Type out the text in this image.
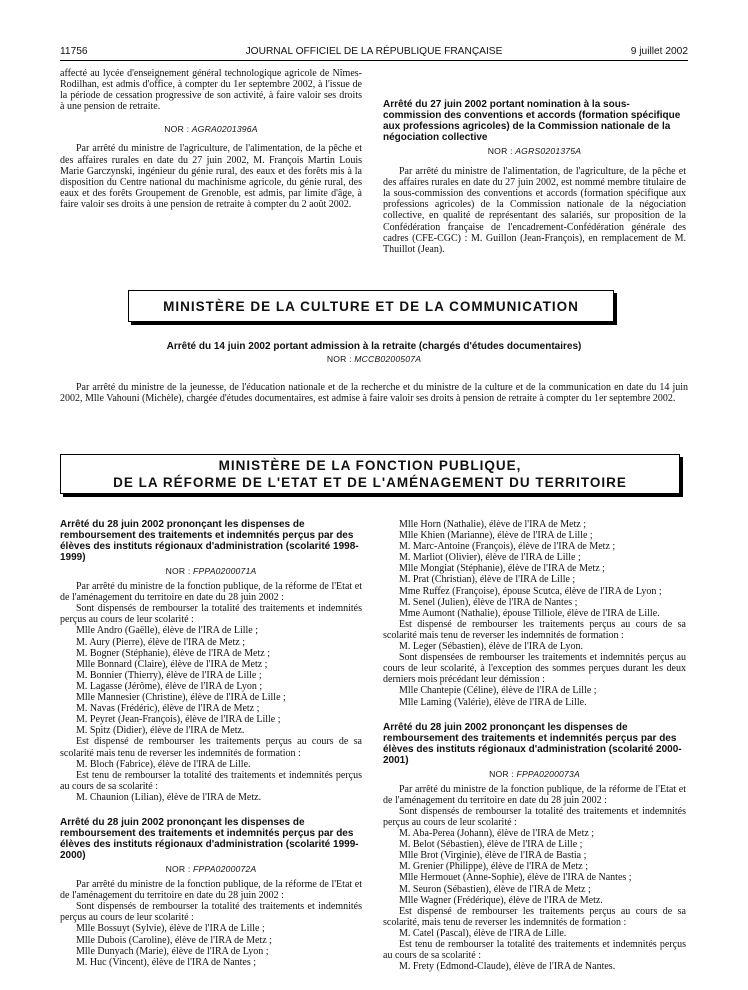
11756	JOURNAL OFFICIEL DE LA RÉPUBLIQUE FRANÇAISE	9 juillet 2002

affecté au lycée d'enseignement général technologique agricole de Nîmes-Rodilhan, est admis d'office, à compter du 1er septembre 2002, à l'issue de la période de cessation progressive de son activité, à faire valoir ses droits à une pension de retraite.

NOR : AGRA0201396A

Par arrêté du ministre de l'agriculture, de l'alimentation, de la pêche et des affaires rurales en date du 27 juin 2002, M. François Martin Louis Marie Garczynski, ingénieur du génie rural, des eaux et des forêts mis à la disposition du Centre national du machinisme agricole, du génie rural, des eaux et des forêts Groupement de Grenoble, est admis, par limite d'âge, à faire valoir ses droits à une pension de retraite à compter du 2 août 2002.

Arrêté du 27 juin 2002 portant nomination à la sous-commission des conventions et accords (formation spécifique aux professions agricoles) de la Commission nationale de la négociation collective
NOR : AGRS0201375A

Par arrêté du ministre de l'alimentation, de l'agriculture, de la pêche et des affaires rurales en date du 27 juin 2002, est nommé membre titulaire de la sous-commission des conventions et accords (formation spécifique aux professions agricoles) de la Commission nationale de la négociation collective, en qualité de représentant des salariés, sur proposition de la Confédération française de l'encadrement-Confédération générale des cadres (CFE-CGC) : M. Guillon (Jean-François), en remplacement de M. Thuillot (Jean).

MINISTÈRE DE LA CULTURE ET DE LA COMMUNICATION
Arrêté du 14 juin 2002 portant admission à la retraite (chargés d'études documentaires)
NOR : MCCB0200507A

Par arrêté du ministre de la jeunesse, de l'éducation nationale et de la recherche et du ministre de la culture et de la communication en date du 14 juin 2002, Mlle Vahouni (Michèle), chargée d'études documentaires, est admise à faire valoir ses droits à pension de retraite à compter du 1er septembre 2002.

MINISTÈRE DE LA FONCTION PUBLIQUE,
DE LA RÉFORME DE L'ETAT ET DE L'AMÉNAGEMENT DU TERRITOIRE
Arrêté du 28 juin 2002 prononçant les dispenses de remboursement des traitements et indemnités perçus par des élèves des instituts régionaux d'administration (scolarité 1998-1999)
NOR : FPPA0200071A

Par arrêté du ministre de la fonction publique, de la réforme de l'Etat et de l'aménagement du territoire en date du 28 juin 2002 :

Sont dispensés de rembourser la totalité des traitements et indemnités perçus au cours de leur scolarité :

Mlle Andro (Gaëlle), élève de l'IRA de Lille ;
M. Aury (Pierre), élève de l'IRA de Metz ;
M. Bogner (Stéphanie), élève de l'IRA de Metz ;
Mlle Bonnard (Claire), élève de l'IRA de Metz ;
M. Bonnier (Thierry), élève de l'IRA de Lille ;
M. Lagasse (Jérôme), élève de l'IRA de Lyon ;
Mlle Mannesier (Christine), élève de l'IRA de Lille ;
M. Navas (Frédéric), élève de l'IRA de Metz ;
M. Peyret (Jean-François), élève de l'IRA de Lille ;
M. Spitz (Didier), élève de l'IRA de Metz.

Est dispensé de rembourser les traitements perçus au cours de sa scolarité mais tenu de reverser les indemnités de formation :

M. Bloch (Fabrice), élève de l'IRA de Lille.

Est tenu de rembourser la totalité des traitements et indemnités perçus au cours de sa scolarité :

M. Chaunion (Lilian), élève de l'IRA de Metz.
Arrêté du 28 juin 2002 prononçant les dispenses de remboursement des traitements et indemnités perçus par des élèves des instituts régionaux d'administration (scolarité 1999-2000)
NOR : FPPA0200072A

Par arrêté du ministre de la fonction publique, de la réforme de l'Etat et de l'aménagement du territoire en date du 28 juin 2002 :

Sont dispensés de rembourser la totalité des traitements et indemnités perçus au cours de leur scolarité :

Mlle Bossuyt (Sylvie), élève de l'IRA de Lille ;
Mlle Dubois (Caroline), élève de l'IRA de Metz ;
Mlle Dunyach (Marie), élève de l'IRA de Lyon ;
M. Huc (Vincent), élève de l'IRA de Nantes ;
Mlle Horn (Nathalie), élève de l'IRA de Metz ;
Mlle Khien (Marianne), élève de l'IRA de Lille ;
M. Marc-Antoine (François), élève de l'IRA de Metz ;
M. Marliot (Olivier), élève de l'IRA de Lille ;
Mlle Mongiat (Stéphanie), élève de l'IRA de Metz ;
M. Prat (Christian), élève de l'IRA de Lille ;
Mme Ruffez (Françoise), épouse Scutca, élève de l'IRA de Lyon ;
M. Senel (Julien), élève de l'IRA de Nantes ;
Mme Aumont (Nathalie), épouse Tilliole, élève de l'IRA de Lille.

Est dispensé de rembourser les traitements perçus au cours de sa scolarité mais tenu de reverser les indemnités de formation :

M. Leger (Sébastien), élève de l'IRA de Lyon.

Sont dispensées de rembourser les traitements et indemnités perçus au cours de leur scolarité, à l'exception des sommes perçues durant les deux derniers mois précédant leur démission :

Mlle Chantepie (Céline), élève de l'IRA de Lille ;
Mlle Laming (Valérie), élève de l'IRA de Lille.
Arrêté du 28 juin 2002 prononçant les dispenses de remboursement des traitements et indemnités perçus par des élèves des instituts régionaux d'administration (scolarité 2000-2001)
NOR : FPPA0200073A

Par arrêté du ministre de la fonction publique, de la réforme de l'Etat et de l'aménagement du territoire en date du 28 juin 2002 :

Sont dispensés de rembourser la totalité des traitements et indemnités perçus au cours de leur scolarité :

M. Aba-Perea (Johann), élève de l'IRA de Metz ;
M. Belot (Sébastien), élève de l'IRA de Lille ;
Mlle Brot (Virginie), élève de l'IRA de Bastia ;
M. Grenier (Philippe), élève de l'IRA de Metz ;
Mlle Hermouet (Anne-Sophie), élève de l'IRA de Nantes ;
M. Seuron (Sébastien), élève de l'IRA de Metz ;
Mlle Wagner (Frédérique), élève de l'IRA de Metz.

Est dispensé de rembourser les traitements perçus au cours de sa scolarité, mais tenu de reverser les indemnités de formation :

M. Catel (Pascal), élève de l'IRA de Lille.

Est tenu de rembourser la totalité des traitements et indemnités perçus au cours de sa scolarité :

M. Frety (Edmond-Claude), élève de l'IRA de Nantes.
